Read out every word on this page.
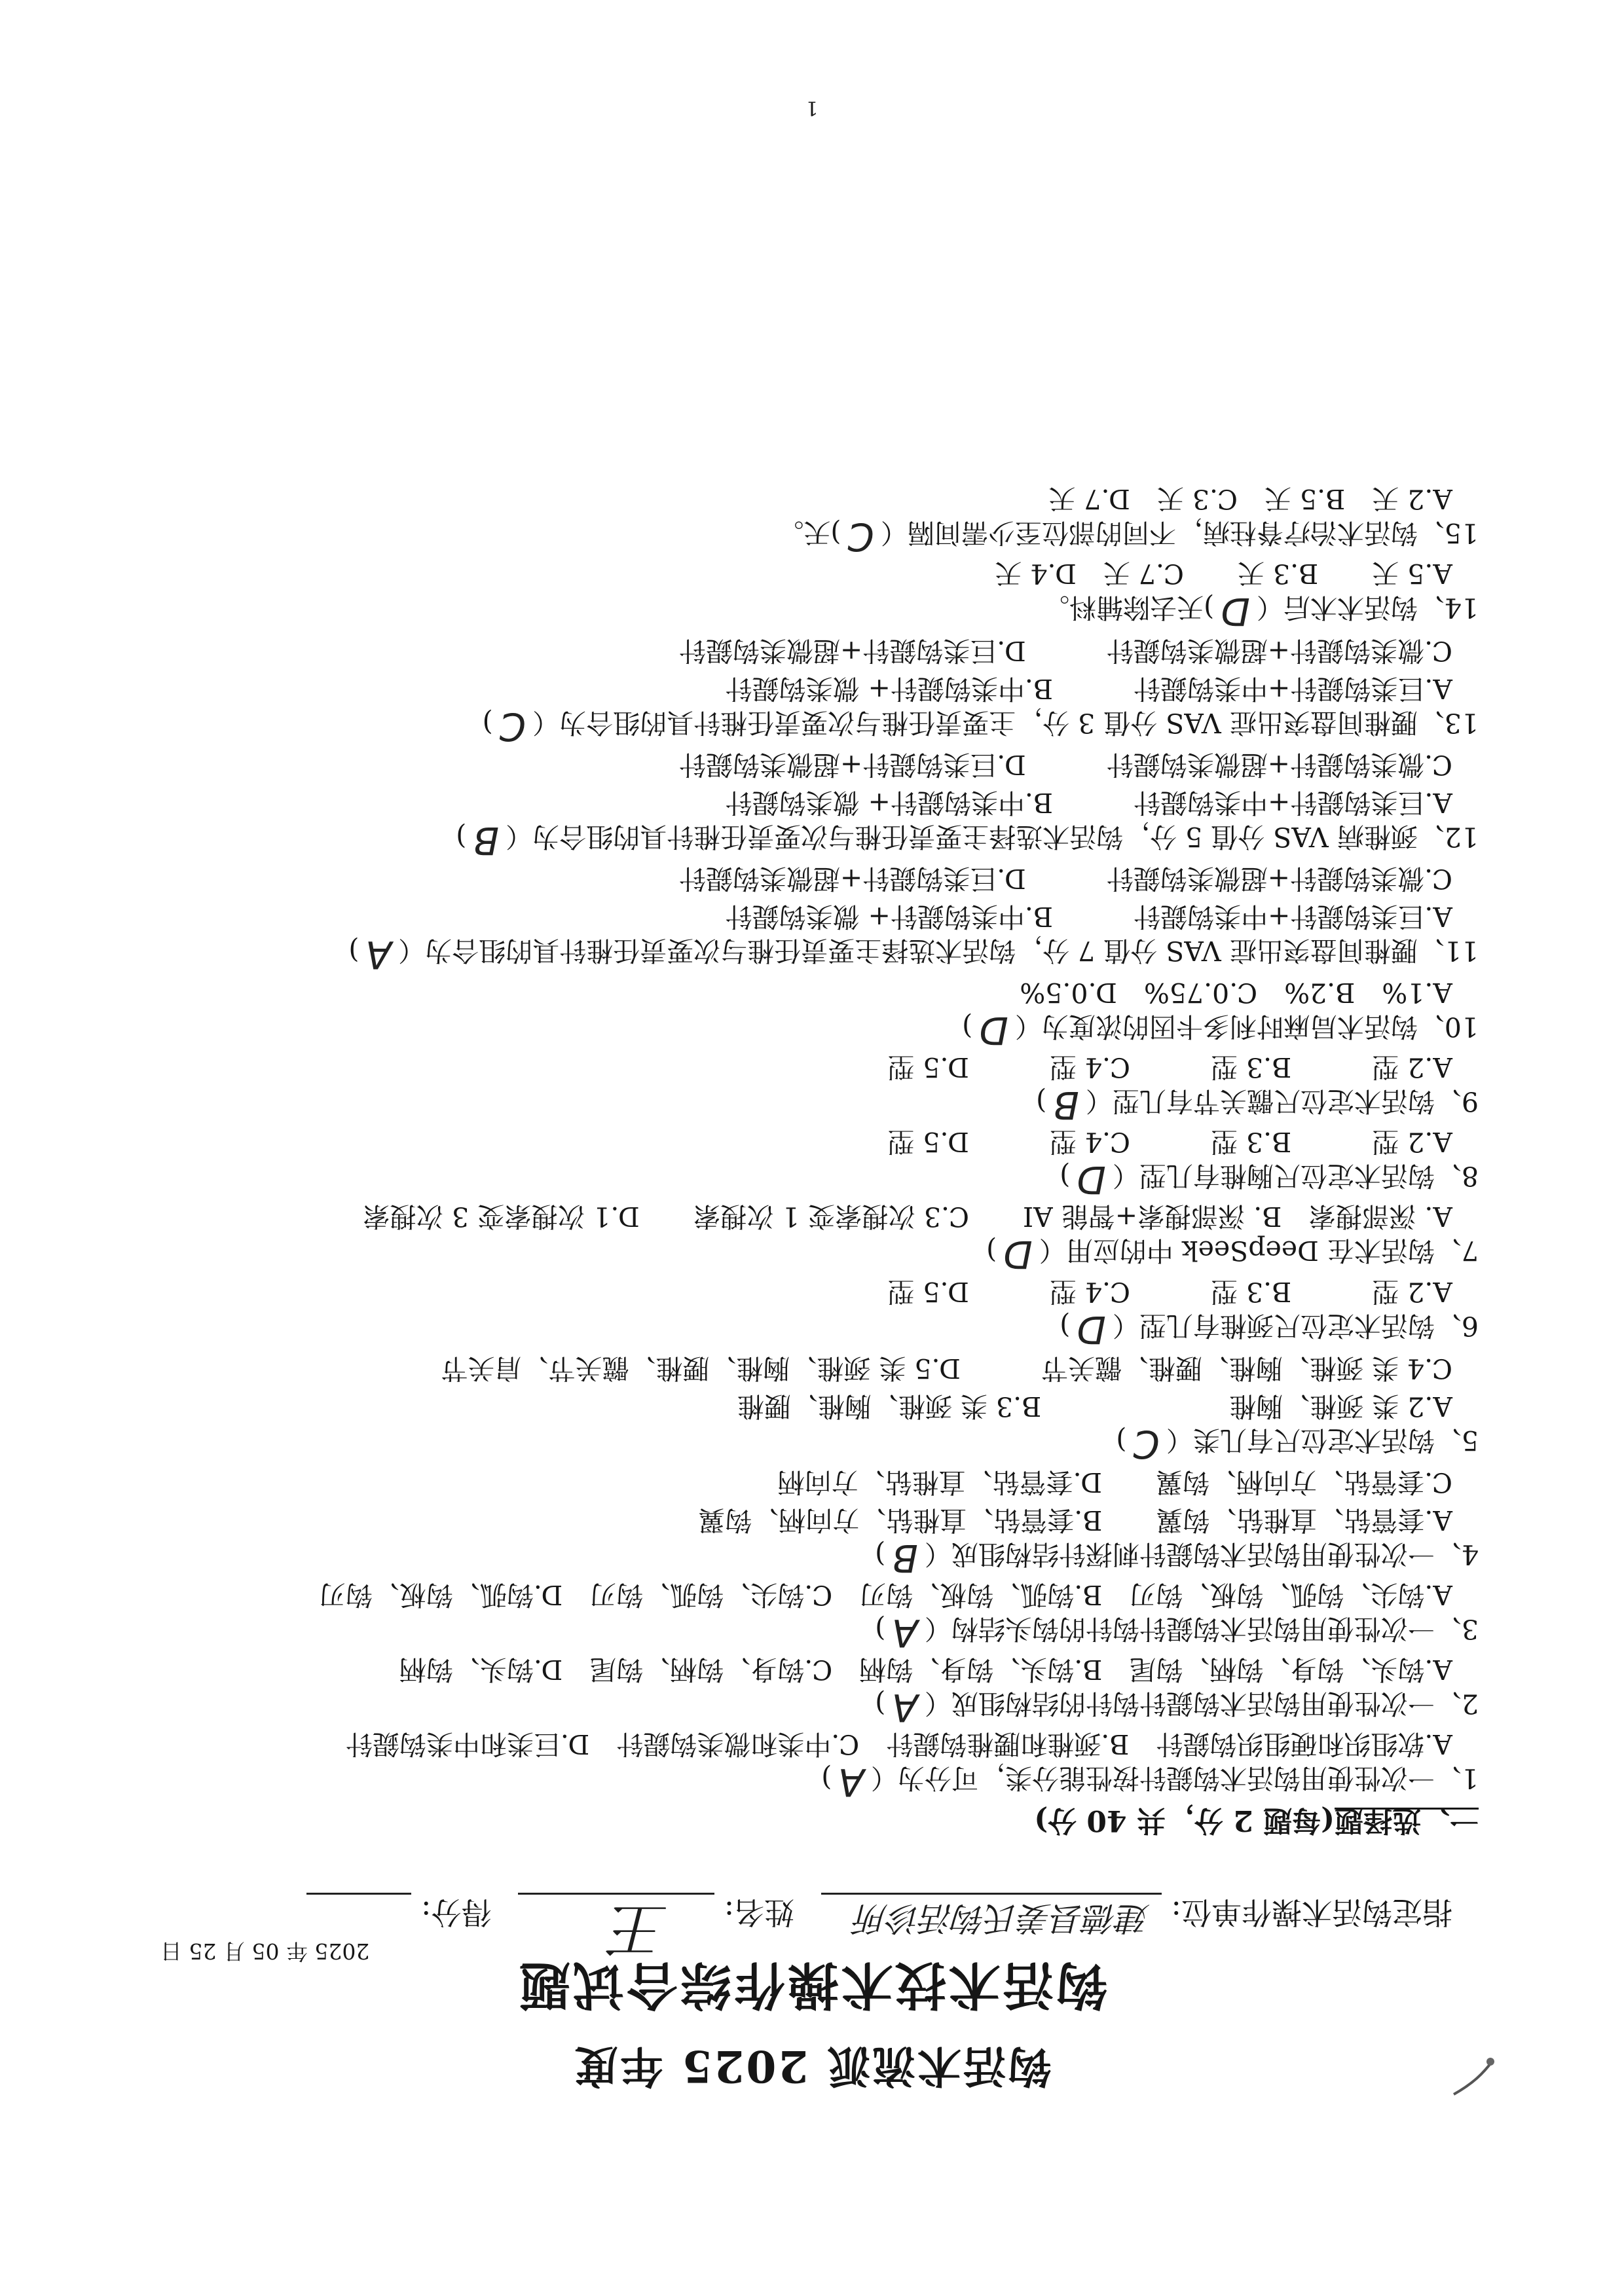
钩活术流派 2025 年度
钩活术技术操作综合试题
2025 年 05 月 25 日
指定钩活术操作单位:
建德县姜氏钩活诊所
姓名:
王
得分:
一、选择题(每题 2 分，共 40 分)
1、一次性使用钩活术钩鍉针按性能分类，可分为（A)
A.软组织和硬组织钩鍉针　B.颈椎和腰椎钩鍉针　C.中类和微类钩鍉针　D.巨类和中类钩鍉针
2、一次性使用钩活术钩鍉针钩针的结构组成（A)
A.钩头、钩身、钩柄、钩尾　B.钩头、钩身、钩柄　C.钩身、钩柄、钩尾　D.钩头、钩柄
3、一次性使用钩活术钩鍉针钩针的钩头结构（A)
A.钩尖、钩弧、钩板、钩刃　B.钩弧、钩板、钩刃　C.钩尖、钩弧、钩刃　D.钩弧、钩板、钩刃
4、一次性使用钩活术钩鍉针刺探针结构组成（B)
A.套管钻、直椎钻、钩翼　　B.套管钻、直椎钻、方向柄、钩翼
C.套管钻、方向柄、钩翼　　D.套管钻、直椎钻、方向柄
5、钩活术定位尺有几类（C)
A.2 类 颈椎、胸椎　　　　　　　B.3 类 颈椎、胸椎、腰椎
C.4 类 颈椎、胸椎、腰椎、髋关节　　　D.5 类 颈椎、胸椎、腰椎、髋关节、肩关节
6、钩活术定位尺颈椎有几型（D)
A.2 型　　　B.3 型　　　C.4 型　　　D.5 型
7、钩活术在 DeepSeek 中的应用（D)
A. 深部搜索　B. 深部搜索+智能 AI　　C.3 次搜索变 1 次搜索　　D.1 次搜索变 3 次搜索
8、钩活术定位尺胸椎有几型（D)
A.2 型　　　B.3 型　　　C.4 型　　　D.5 型
9、钩活术定位尺髋关节有几型（B)
A.2 型　　　B.3 型　　　C.4 型　　　D.5 型
10、钩活术局麻时利多卡因的浓度为（D)
A.1%　B.2%　C.0.75%　D.0.5%
11、腰椎间盘突出症 VAS 分值 7 分，钩活术选择主要责任椎与次要责任椎针具的组合为（A)
A.巨类钩鍉针+中类钩鍉针　　　B.中类钩鍉针+ 微类钩鍉针
C.微类钩鍉针+超微类钩鍉针　　　D.巨类钩鍉针+超微类钩鍉针
12、颈椎病 VAS 分值 5 分，钩活术选择主要责任椎与次要责任椎针具的组合为（B)
A.巨类钩鍉针+中类钩鍉针　　　B.中类钩鍉针+ 微类钩鍉针
C.微类钩鍉针+超微类钩鍉针　　　D.巨类钩鍉针+超微类钩鍉针
13、腰椎间盘突出症 VAS 分值 3 分，主要责任椎与次要责任椎针具的组合为（C)
A.巨类钩鍉针+中类钩鍉针　　　B.中类钩鍉针+ 微类钩鍉针
C.微类钩鍉针+超微类钩鍉针　　　D.巨类钩鍉针+超微类钩鍉针
14、钩活术术后（D)天去除辅料。
A.5 天　　B.3 天　　C.7 天　D.4 天
15、钩活术治疗脊柱病，不同的部位至少需间隔（C)天。
A.2 天　B.5 天　C.3 天　D.7 天
1
